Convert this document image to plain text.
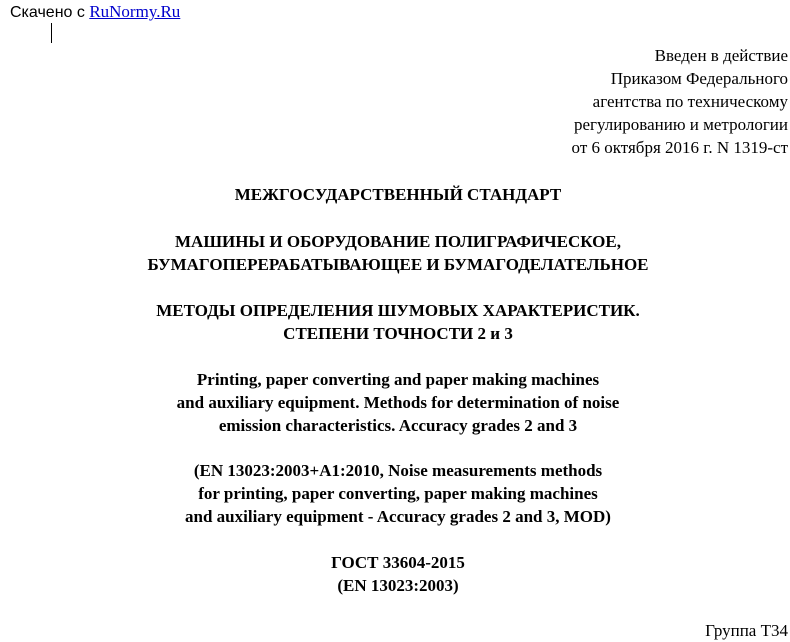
Скачено с RuNormy.Ru
Введен в действие
Приказом Федерального
агентства по техническому
регулированию и метрологии
от 6 октября 2016 г. N 1319-ст
МЕЖГОСУДАРСТВЕННЫЙ СТАНДАРТ
МАШИНЫ И ОБОРУДОВАНИЕ ПОЛИГРАФИЧЕСКОЕ,
БУМАГОПЕРЕРАБАТЫВАЮЩЕЕ И БУМАГОДЕЛАТЕЛЬНОЕ
МЕТОДЫ ОПРЕДЕЛЕНИЯ ШУМОВЫХ ХАРАКТЕРИСТИК.
СТЕПЕНИ ТОЧНОСТИ 2 и 3
Printing, paper converting and paper making machines
and auxiliary equipment. Methods for determination of noise
emission characteristics. Accuracy grades 2 and 3
(EN 13023:2003+A1:2010, Noise measurements methods
for printing, paper converting, paper making machines
and auxiliary equipment - Accuracy grades 2 and 3, MOD)
ГОСТ 33604-2015
(EN 13023:2003)
Группа Т34
